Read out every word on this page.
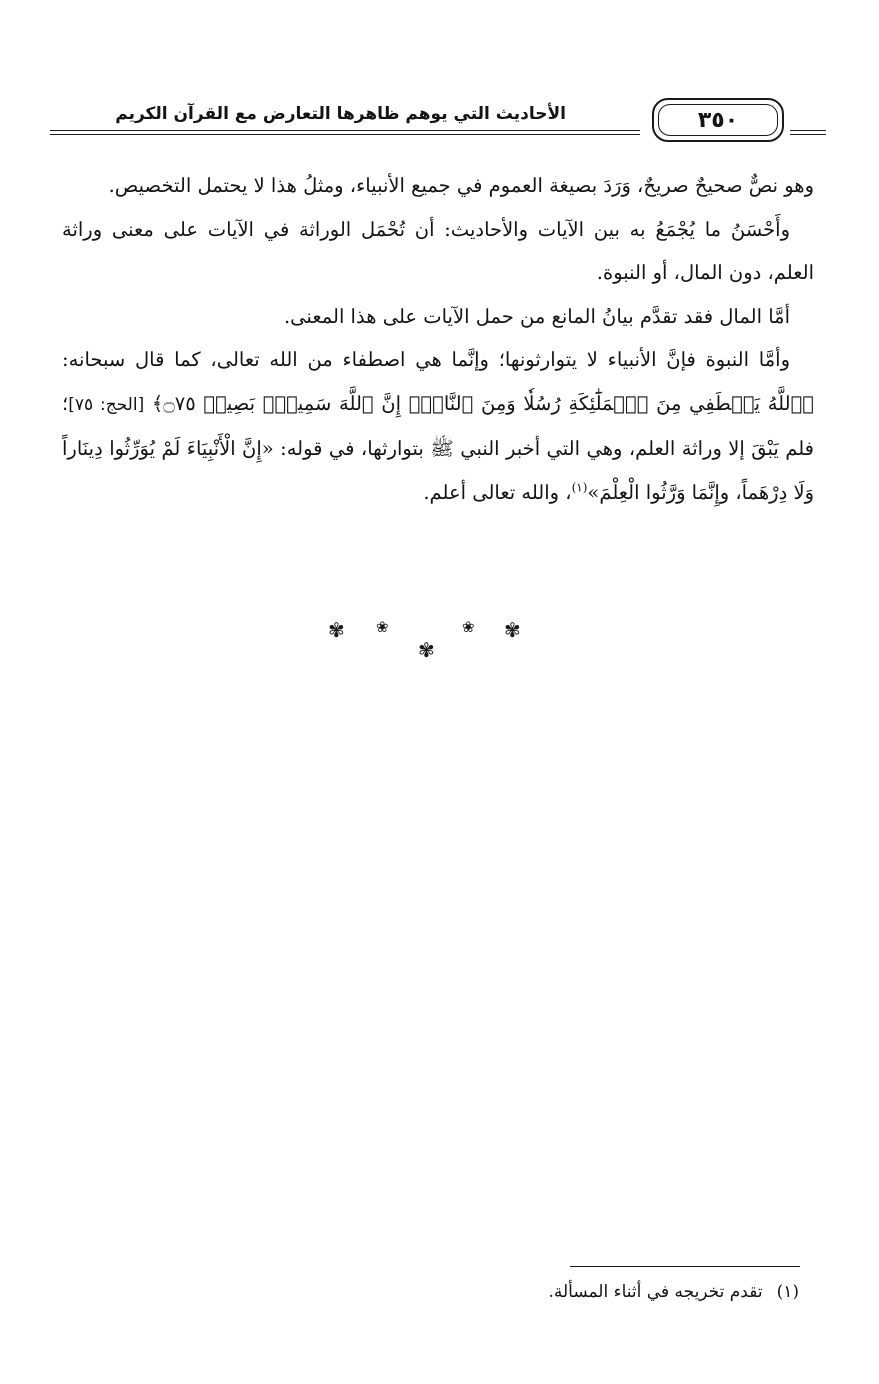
٣٥٠
الأحاديث التي يوهم ظاهرها التعارض مع القرآن الكريم

وهو نصٌّ صحيحٌ صريحٌ، وَرَدَ بصيغة العموم في جميع الأنبياء، ومثلُ هذا لا يحتمل التخصيص.

وأَحْسَنُ ما يُجْمَعُ به بين الآيات والأحاديث: أن تُحْمَل الوراثة في الآيات على معنى وراثة العلم، دون المال، أو النبوة.

أمَّا المال فقد تقدَّم بيانُ المانع من حمل الآيات على هذا المعنى.

وأمَّا النبوة فإنَّ الأنبياء لا يتوارثونها؛ وإنَّما هي اصطفاء من الله تعالى، كما قال سبحانه: ﴿ٱللَّهُ يَصۡطَفِي مِنَ ٱلۡمَلَٰٓئِكَةِ رُسُلٗا وَمِنَ ٱلنَّاسِۚ إِنَّ ٱللَّهَ سَمِيعُۢ بَصِيرٞ ۝٧٥﴾ [الحج: ٧٥]؛ فلم يَبْقَ إلا وراثة العلم، وهي التي أخبر النبي ﷺ بتوارثها، في قوله: «إِنَّ الْأَنْبِيَاءَ لَمْ يُوَرِّثُوا دِينَاراً وَلَا دِرْهَماً، وإِنَّمَا وَرَّثُوا الْعِلْمَ»$^{(١)}$، والله تعالى أعلم.

✾ ❀
✾
❀ ✾
(١)تقدم تخريجه في أثناء المسألة.
